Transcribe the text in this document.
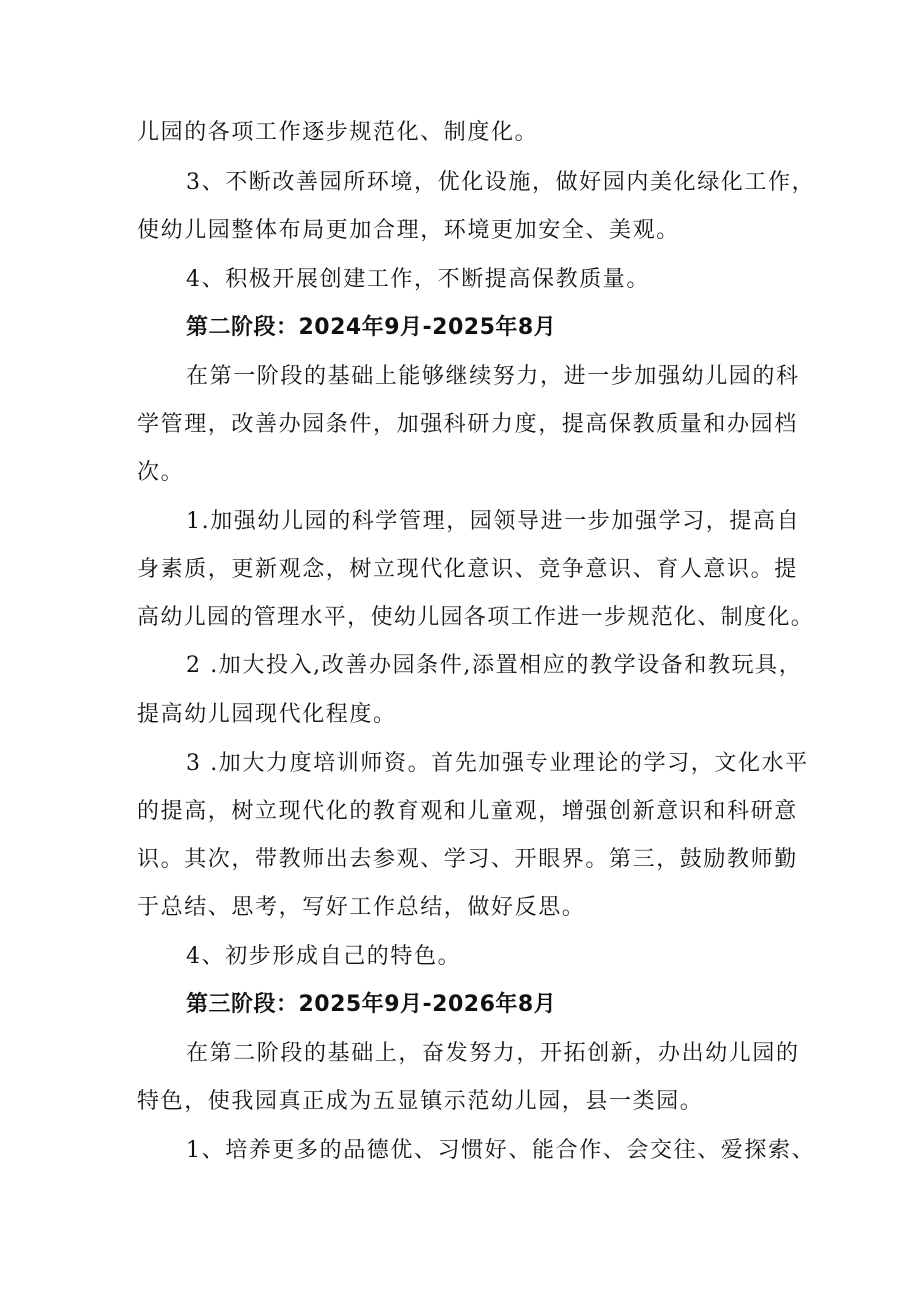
儿园的各项工作逐步规范化、制度化。
3、不断改善园所环境，优化设施，做好园内美化绿化工作，
使幼儿园整体布局更加合理，环境更加安全、美观。
4、积极开展创建工作，不断提高保教质量。
第二阶段：2024年9月-2025年8月
在第一阶段的基础上能够继续努力，进一步加强幼儿园的科
学管理，改善办园条件，加强科研力度，提高保教质量和办园档
次。
1.加强幼儿园的科学管理，园领导进一步加强学习，提高自
身素质，更新观念，树立现代化意识、竞争意识、育人意识。提
高幼儿园的管理水平，使幼儿园各项工作进一步规范化、制度化。
2 .加大投入,改善办园条件,添置相应的教学设备和教玩具，
提高幼儿园现代化程度。
3 .加大力度培训师资。首先加强专业理论的学习，文化水平
的提高，树立现代化的教育观和儿童观，增强创新意识和科研意
识。其次，带教师出去参观、学习、开眼界。第三，鼓励教师勤
于总结、思考，写好工作总结，做好反思。
4、初步形成自己的特色。
第三阶段：2025年9月-2026年8月
在第二阶段的基础上，奋发努力，开拓创新，办出幼儿园的
特色，使我园真正成为五显镇示范幼儿园，县一类园。
1、培养更多的品德优、习惯好、能合作、会交往、爱探索、
